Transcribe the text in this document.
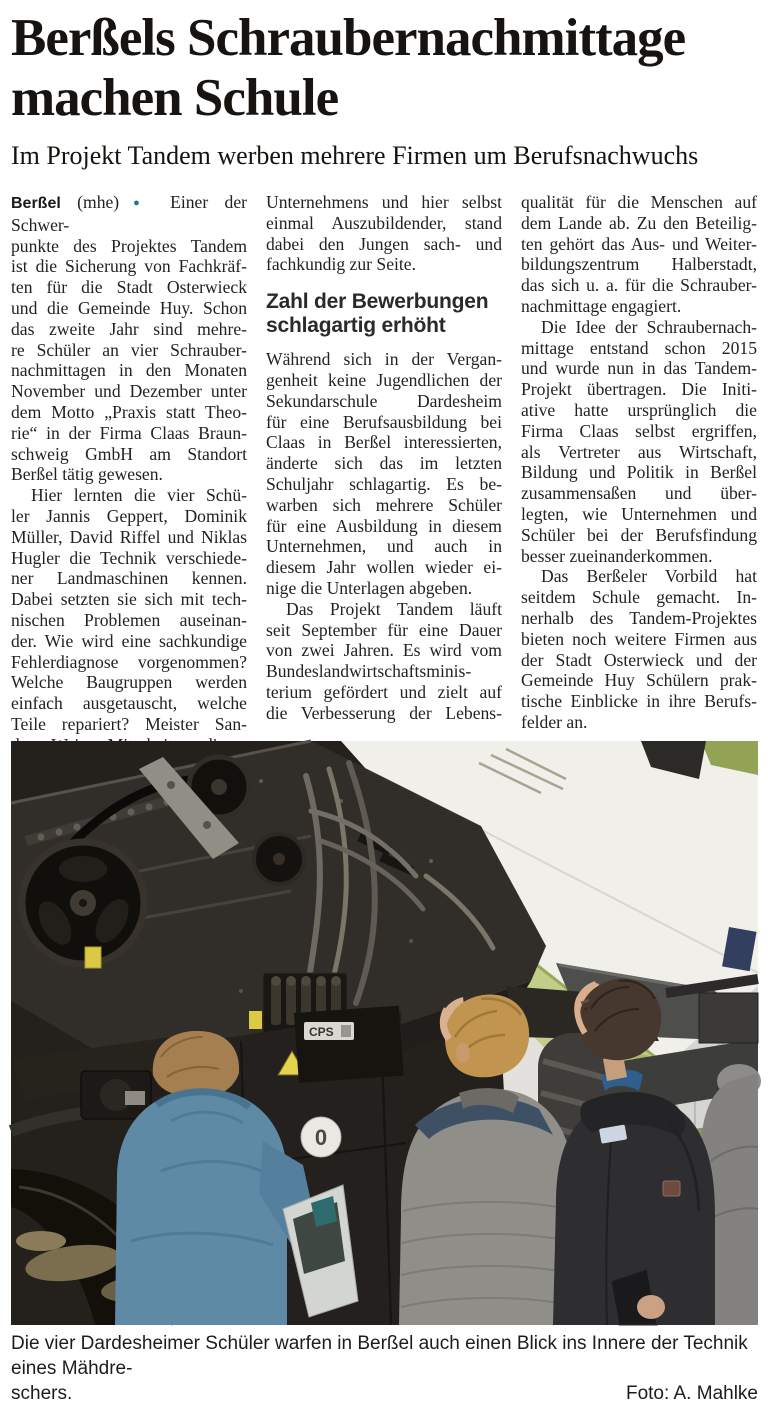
Berßels Schraubernachmittage machen Schule
Im Projekt Tandem werben mehrere Firmen um Berufsnachwuchs
Berßel (mhe) ● Einer der Schwer-
punkte des Projektes Tandem
ist die Sicherung von Fachkräf-
ten für die Stadt Osterwieck
und die Gemeinde Huy. Schon
das zweite Jahr sind mehre-
re Schüler an vier Schrauber-
nachmittagen in den Monaten
November und Dezember unter
dem Motto „Praxis statt Theo-
rie“ in der Firma Claas Braun-
schweig GmbH am Standort
Berßel tätig gewesen.
Hier lernten die vier Schü-
ler Jannis Geppert, Dominik
Müller, David Riffel und Niklas
Hugler die Technik verschiede-
ner Landmaschinen kennen.
Dabei setzten sie sich mit tech-
nischen Problemen auseinan-
der. Wie wird eine sachkundige
Fehlerdiagnose vorgenommen?
Welche Baugruppen werden
einfach ausgetauscht, welche
Teile repariert? Meister San-
Unternehmens und hier selbst
einmal Auszubildender, stand
dabei den Jungen sach- und
fachkundig zur Seite.
Zahl der Bewerbungen
schlagartig erhöht
Während sich in der Vergan-
genheit keine Jugendlichen der
Sekundarschule Dardesheim
für eine Berufsausbildung bei
Claas in Berßel interessierten,
änderte sich das im letzten
Schuljahr schlagartig. Es be-
warben sich mehrere Schüler
für eine Ausbildung in diesem
Unternehmen, und auch in
diesem Jahr wollen wieder ei-
nige die Unterlagen abgeben.
Das Projekt Tandem läuft
seit September für eine Dauer
von zwei Jahren. Es wird vom
Bundeslandwirtschaftsminis-
terium gefördert und zielt auf
die Verbesserung der Lebens-
qualität für die Menschen auf
dem Lande ab. Zu den Beteilig-
ten gehört das Aus- und Weiter-
bildungszentrum Halberstadt,
das sich u. a. für die Schrauber-
nachmittage engagiert.
Die Idee der Schraubernach-
mittage entstand schon 2015
und wurde nun in das Tandem-
Projekt übertragen. Die Initi-
ative hatte ursprünglich die
Firma Claas selbst ergriffen,
als Vertreter aus Wirtschaft,
Bildung und Politik in Berßel
zusammensaßen und über-
legten, wie Unternehmen und
Schüler bei der Berufsfindung
besser zueinanderkommen.
Das Berßeler Vorbild hat
seitdem Schule gemacht. In-
nerhalb des Tandem-Projektes
bieten noch weitere Firmen aus
der Stadt Osterwieck und der
Gemeinde Huy Schülern prak-
tische Einblicke in ihre Berufs-
felder an.
0
CPS
Die vier Dardesheimer Schüler warfen in Berßel auch einen Blick ins Innere der Technik eines Mähdre-
schers.	Foto: A. Mahlke
